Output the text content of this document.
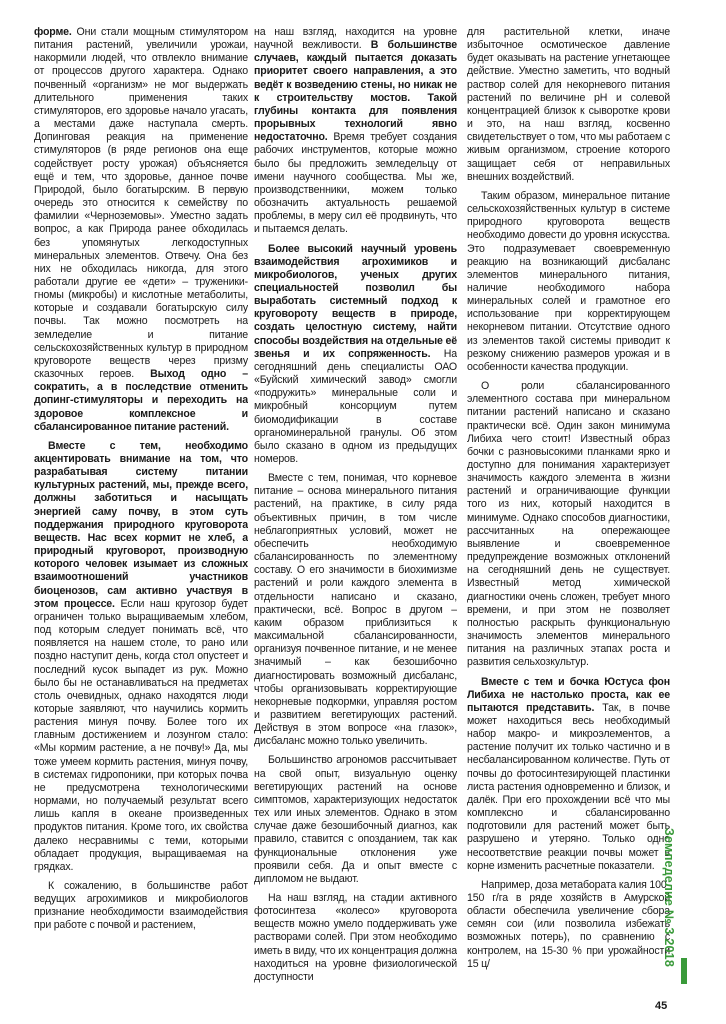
форме. Они стали мощным стимулятором питания растений, увеличили урожаи, накормили людей, что отвлекло внимание от процессов другого характера. Однако почвенный «организм» не мог выдержать длительного применения таких стимуляторов, его здоровье начало угасать, а местами даже наступала смерть. Допинговая реакция на применение стимуляторов (в ряде регионов она еще содействует росту урожая) объясняется ещё и тем, что здоровье, данное почве Природой, было богатырским. В первую очередь это относится к семейству по фамилии «Черноземовы». Уместно задать вопрос, а как Природа ранее обходилась без упомянутых легкодоступных минеральных элементов. Отвечу. Она без них не обходилась никогда, для этого работали другие ее «дети» – труженики-гномы (микробы) и кислотные метаболиты, которые и создавали богатырскую силу почвы. Так можно посмотреть на земледелие и питание сельскохозяйственных культур в природном круговороте веществ через призму сказочных героев. Выход одно – сократить, а в последствие отменить допинг-стимуляторы и переходить на здоровое комплексное и сбалансированное питание растений.

Вместе с тем, необходимо акцентировать внимание на том, что разрабатывая систему питании культурных растений, мы, прежде всего, должны заботиться и насыщать энергией саму почву, в этом суть поддержания природного круговорота веществ. Нас всех кормит не хлеб, а природный круговорот, производную которого человек изымает из сложных взаимоотношений участников биоценозов, сам активно участвуя в этом процессе. Если наш кругозор будет ограничен только выращиваемым хлебом, под которым следует понимать всё, что появляется на нашем столе, то рано или поздно наступит день, когда стол опустеет и последний кусок выпадет из рук. Можно было бы не останавливаться на предметах столь очевидных, однако находятся люди которые заявляют, что научились кормить растения минуя почву. Более того их главным достижением и лозунгом стало: «Мы кормим растение, а не почву!» Да, мы тоже умеем кормить растения, минуя почву, в системах гидропоники, при которых почва не предусмотрена технологическими нормами, но получаемый результат всего лишь капля в океане произведенных продуктов питания. Кроме того, их свойства далеко несравнимы с теми, которыми обладает продукция, выращиваемая на грядках.

К сожалению, в большинстве работ ведущих агрохимиков и микробиологов признание необходимости взаимодействия при работе с почвой и растением,

на наш взгляд, находится на уровне научной вежливости. В большинстве случаев, каждый пытается доказать приоритет своего направления, а это ведёт к возведению стены, но никак не к строительству мостов. Такой глубины контакта для появления прорывных технологий явно недостаточно. Время требует создания рабочих инструментов, которые можно было бы предложить земледельцу от имени научного сообщества. Мы же, производственники, можем только обозначить актуальность решаемой проблемы, в меру сил её продвинуть, что и пытаемся делать.

Более высокий научный уровень взаимодействия агрохимиков и микробиологов, ученых других специальностей позволил бы выработать системный подход к круговороту веществ в природе, создать целостную систему, найти способы воздействия на отдельные её звенья и их сопряженность. На сегодняшний день специалисты ОАО «Буйский химический завод» смогли «подружить» минеральные соли и микробный консорциум путем биомодификации в составе органоминеральной гранулы. Об этом было сказано в одном из предыдущих номеров.

Вместе с тем, понимая, что корневое питание – основа минерального питания растений, на практике, в силу ряда объективных причин, в том числе неблагоприятных условий, может не обеспечить необходимую сбалансированность по элементному составу. О его значимости в биохимизме растений и роли каждого элемента в отдельности написано и сказано, практически, всё. Вопрос в другом – каким образом приблизиться к максимальной сбалансированности, организуя почвенное питание, и не менее значимый – как безошибочно диагностировать возможный дисбаланс, чтобы организовывать корректирующие некорневые подкормки, управляя ростом и развитием вегетирующих растений. Действуя в этом вопросе «на глазок», дисбаланс можно только увеличить.

Большинство агрономов рассчитывает на свой опыт, визуальную оценку вегетирующих растений на основе симптомов, характеризующих недостаток тех или иных элементов. Однако в этом случае даже безошибочный диагноз, как правило, ставится с опозданием, так как функциональные отклонения уже проявили себя. Да и опыт вместе с дипломом не выдают.

На наш взгляд, на стадии активного фотосинтеза «колесо» круговорота веществ можно умело поддерживать уже растворами солей. При этом необходимо иметь в виду, что их концентрация должна находиться на уровне физиологической доступности

для растительной клетки, иначе избыточное осмотическое давление будет оказывать на растение угнетающее действие. Уместно заметить, что водный раствор солей для некорневого питания растений по величине рН и солевой концентрацией близок к сыворотке крови и это, на наш взгляд, косвенно свидетельствует о том, что мы работаем с живым организмом, строение которого защищает себя от неправильных внешних воздействий.

Таким образом, минеральное питание сельскохозяйственных культур в системе природного круговорота веществ необходимо довести до уровня искусства. Это подразумевает своевременную реакцию на возникающий дисбаланс элементов минерального питания, наличие необходимого набора минеральных солей и грамотное его использование при корректирующем некорневом питании. Отсутствие одного из элементов такой системы приводит к резкому снижению размеров урожая и в особенности качества продукции.

О роли сбалансированного элементного состава при минеральном питании растений написано и сказано практически всё. Один закон минимума Либиха чего стоит! Известный образ бочки с разновысокими планками ярко и доступно для понимания характеризует значимость каждого элемента в жизни растений и ограничивающие функции того из них, который находится в минимуме. Однако способов диагностики, рассчитанных на опережающее выявление и своевременное предупреждение возможных отклонений на сегодняшний день не существует. Известный метод химической диагностики очень сложен, требует много времени, и при этом не позволяет полностью раскрыть функциональную значимость элементов минерального питания на различных этапах роста и развития сельхозкультур.

Вместе с тем и бочка Юстуса фон Либиха не настолько проста, как ее пытаются представить. Так, в почве может находиться весь необходимый набор макро- и микроэлементов, а растение получит их только частично и в несбалансированном количестве. Путь от почвы до фотосинтезирующей пластинки листа растения одновременно и близок, и далёк. При его прохождении всё что мы комплексно и сбалансированно подготовили для растений может быть разрушено и утеряно. Только одно несоответствие реакции почвы может в корне изменить расчетные показатели.

Например, доза метабората калия 100-150 г/га в ряде хозяйств в Амурской области обеспечила увеличение сбора семян сои (или позволила избежать возможных потерь), по сравнению с контролем, на 15-30 % при урожайности 15 ц/	Земледелие № 3 2018
45
